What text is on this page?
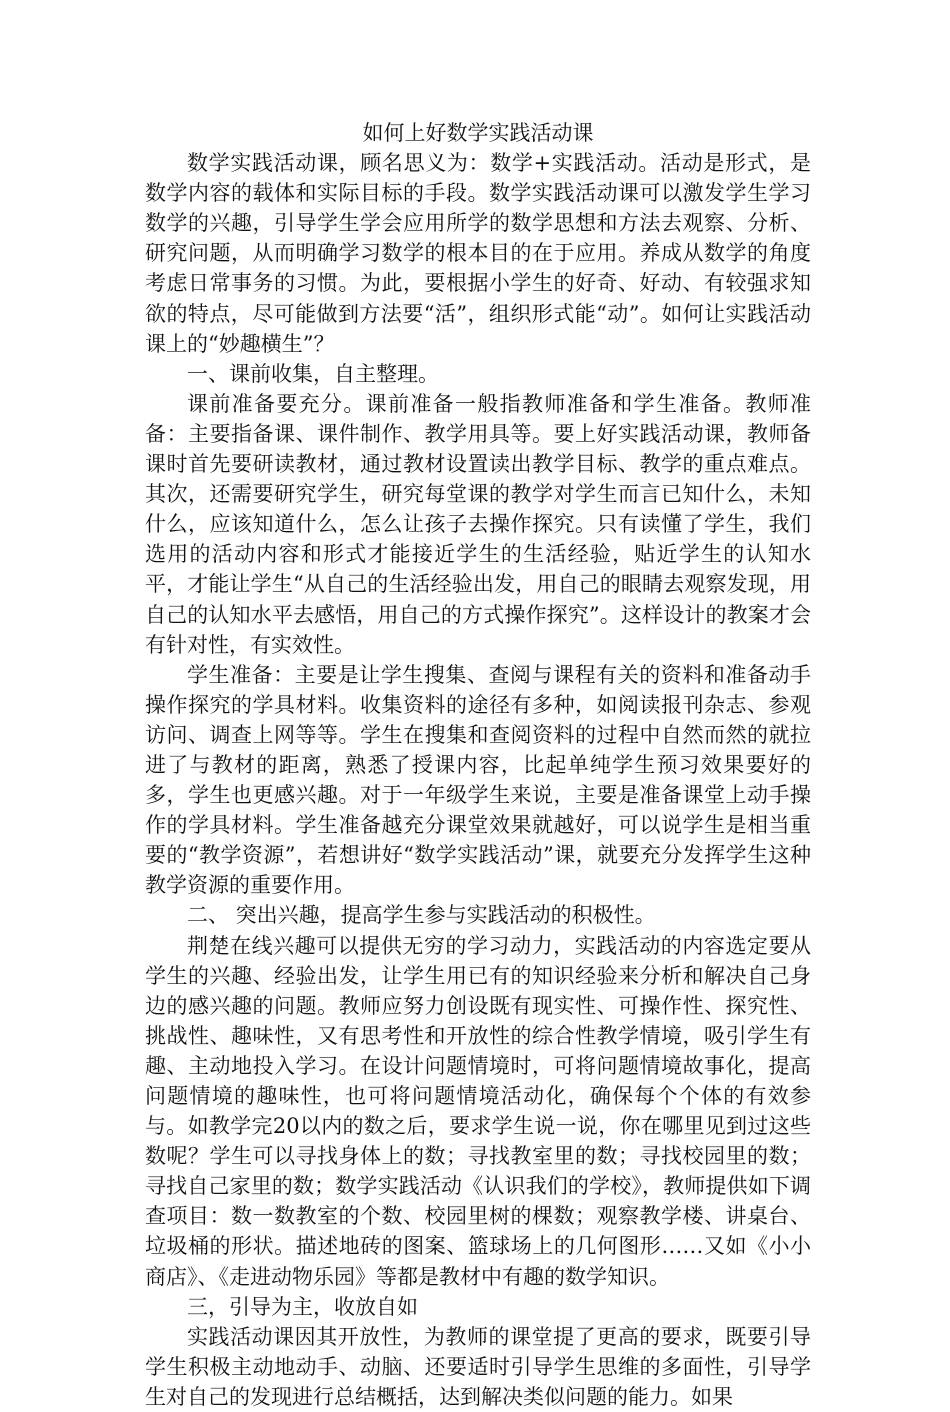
如何上好数学实践活动课

数学实践活动课，顾名思义为：数学+实践活动。活动是形式，是数学内容的载体和实际目标的手段。数学实践活动课可以激发学生学习数学的兴趣，引导学生学会应用所学的数学思想和方法去观察、分析、研究问题，从而明确学习数学的根本目的在于应用。养成从数学的角度考虑日常事务的习惯。为此，要根据小学生的好奇、好动、有较强求知欲的特点，尽可能做到方法要“活”，组织形式能“动”。如何让实践活动课上的“妙趣横生”？

一、课前收集，自主整理。

课前准备要充分。课前准备一般指教师准备和学生准备。教师准备：主要指备课、课件制作、教学用具等。要上好实践活动课，教师备课时首先要研读教材，通过教材设置读出教学目标、教学的重点难点。其次，还需要研究学生，研究每堂课的教学对学生而言已知什么，未知什么，应该知道什么，怎么让孩子去操作探究。只有读懂了学生，我们选用的活动内容和形式才能接近学生的生活经验，贴近学生的认知水平，才能让学生“从自己的生活经验出发，用自己的眼睛去观察发现，用自己的认知水平去感悟，用自己的方式操作探究”。这样设计的教案才会有针对性，有实效性。

学生准备：主要是让学生搜集、查阅与课程有关的资料和准备动手操作探究的学具材料。收集资料的途径有多种，如阅读报刊杂志、参观访问、调查上网等等。学生在搜集和查阅资料的过程中自然而然的就拉进了与教材的距离，熟悉了授课内容，比起单纯学生预习效果要好的多，学生也更感兴趣。对于一年级学生来说，主要是准备课堂上动手操作的学具材料。学生准备越充分课堂效果就越好，可以说学生是相当重要的“教学资源”，若想讲好“数学实践活动”课，就要充分发挥学生这种教学资源的重要作用。

二、 突出兴趣，提高学生参与实践活动的积极性。

荆楚在线兴趣可以提供无穷的学习动力，实践活动的内容选定要从学生的兴趣、经验出发，让学生用已有的知识经验来分析和解决自己身边的感兴趣的问题。教师应努力创设既有现实性、可操作性、探究性、挑战性、趣味性，又有思考性和开放性的综合性教学情境，吸引学生有趣、主动地投入学习。在设计问题情境时，可将问题情境故事化，提高问题情境的趣味性，也可将问题情境活动化，确保每个个体的有效参与。如教学完20以内的数之后，要求学生说一说，你在哪里见到过这些数呢？学生可以寻找身体上的数；寻找教室里的数；寻找校园里的数；寻找自己家里的数；数学实践活动《认识我们的学校》，教师提供如下调查项目：数一数教室的个数、校园里树的棵数；观察教学楼、讲桌台、垃圾桶的形状。描述地砖的图案、篮球场上的几何图形……又如《小小商店》、《走进动物乐园》等都是教材中有趣的数学知识。

三，引导为主，收放自如

实践活动课因其开放性，为教师的课堂提了更高的要求，既要引导学生积极主动地动手、动脑、还要适时引导学生思维的多面性，引导学生对自己的发现进行总结概括，达到解决类似问题的能力。如果
